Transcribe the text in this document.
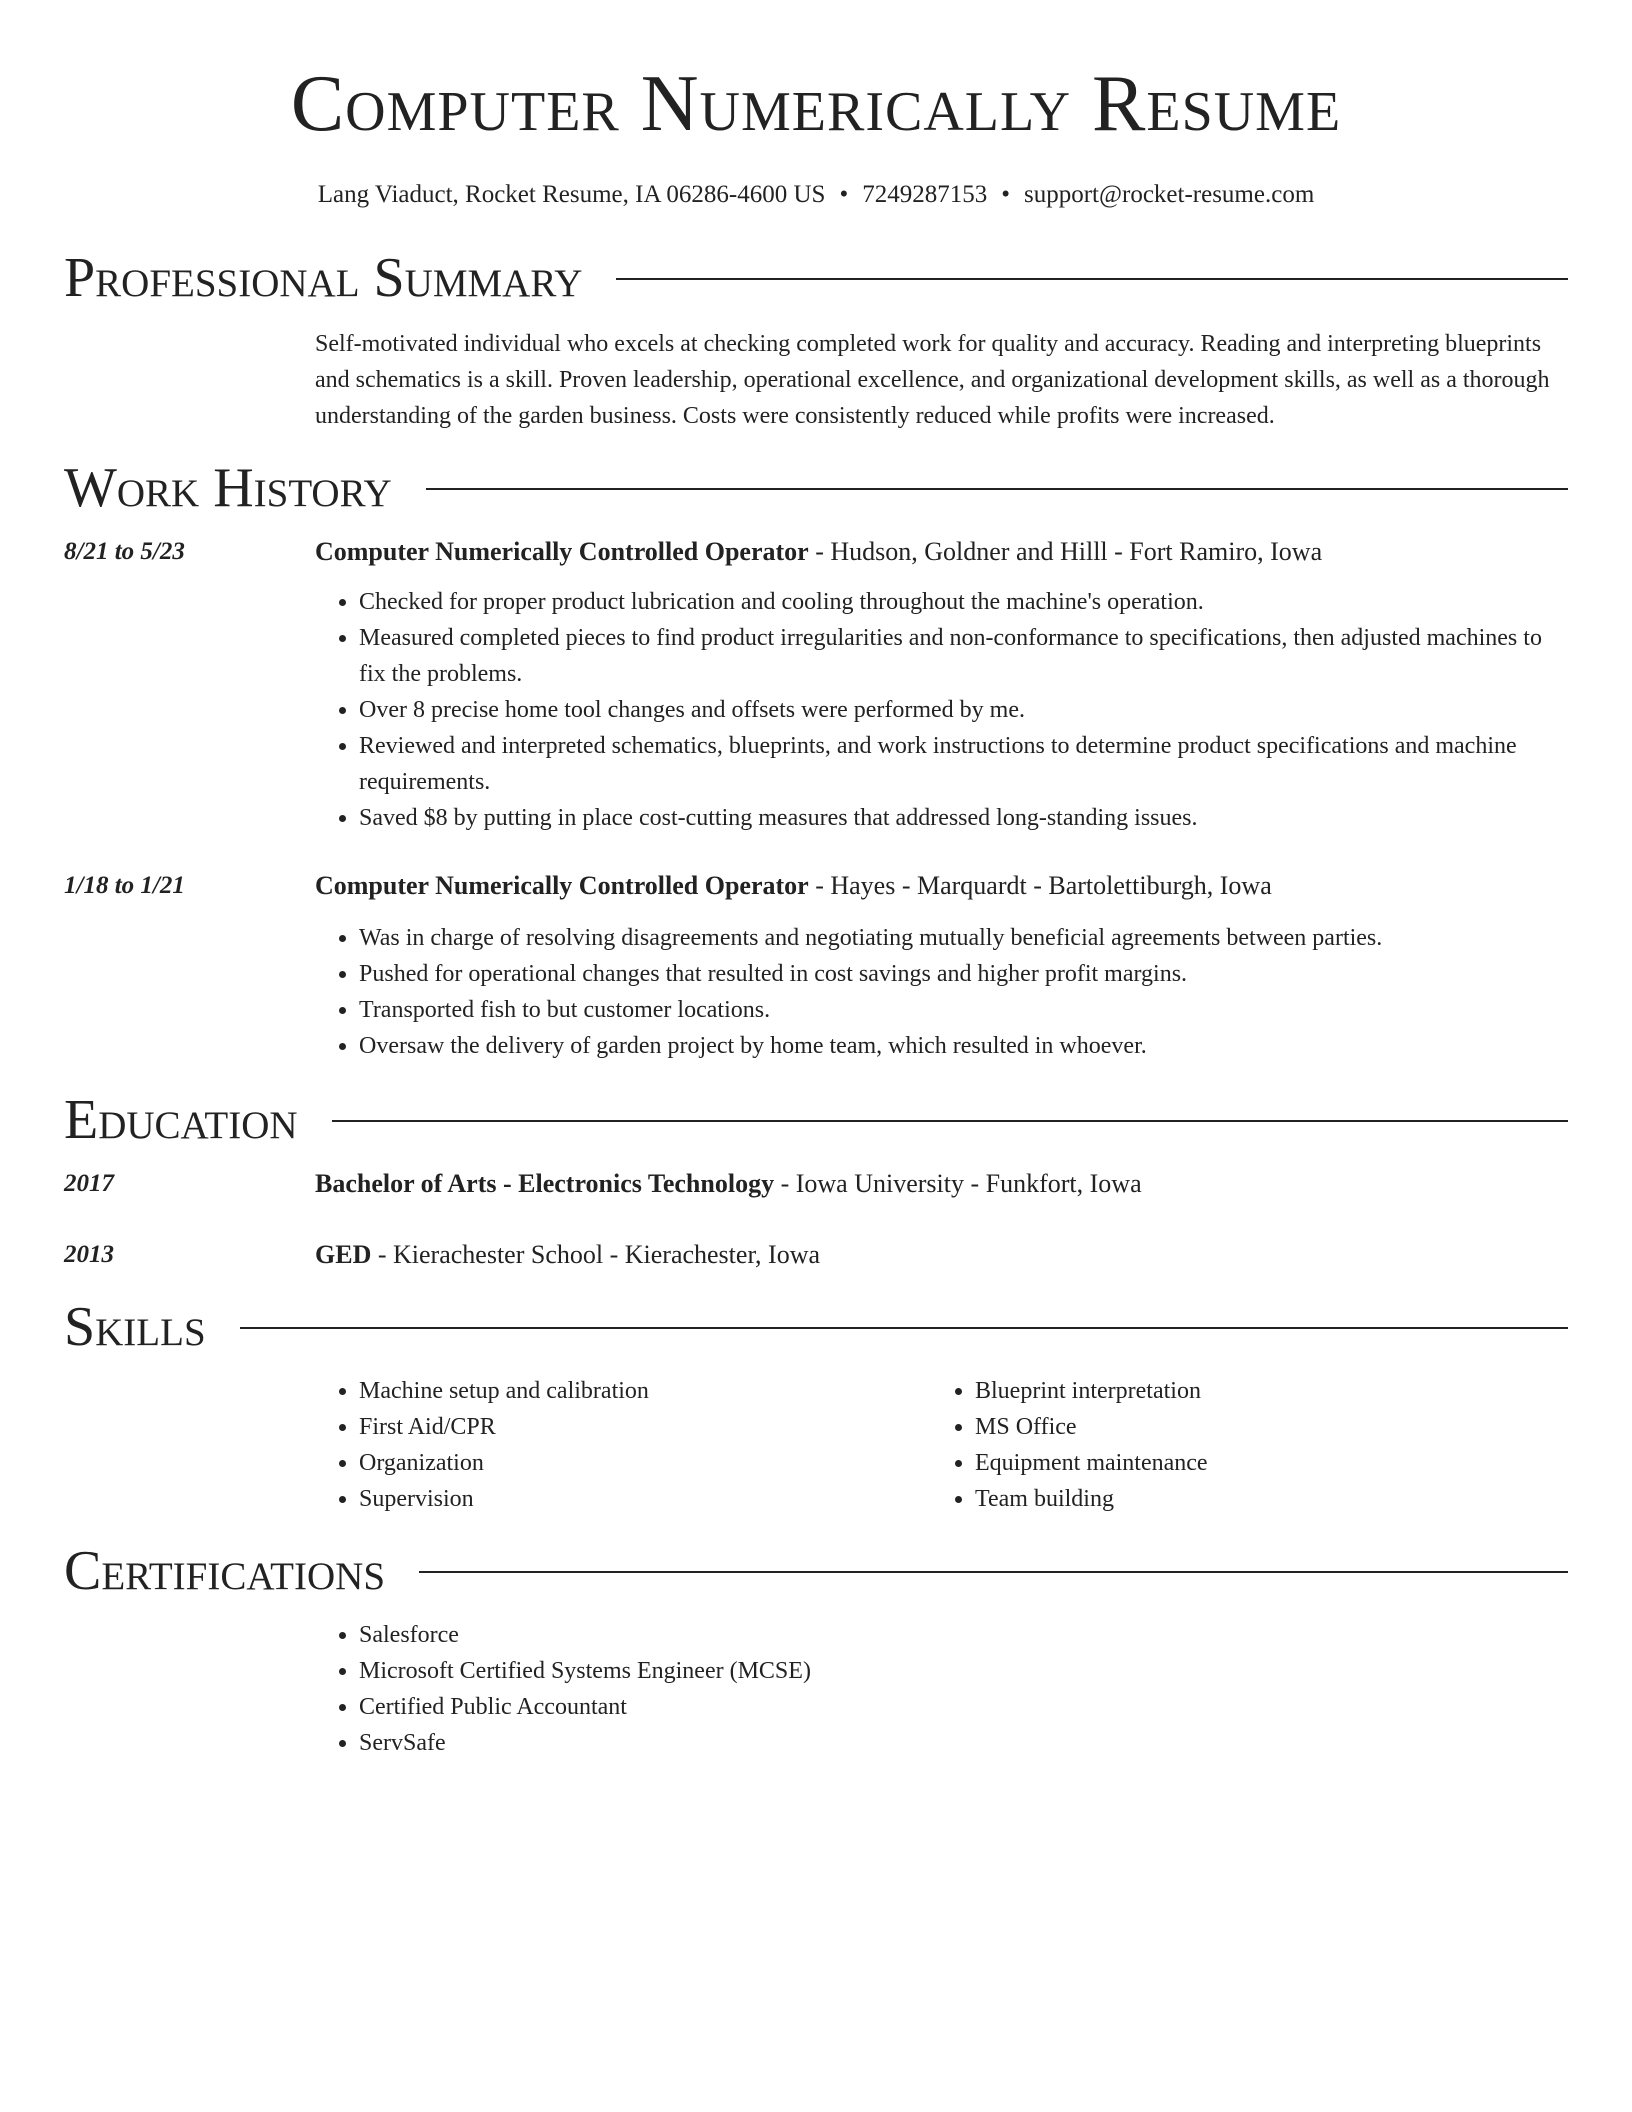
Computer Numerically Resume
Lang Viaduct, Rocket Resume, IA 06286-4600 US • 7249287153 • support@rocket-resume.com
Professional Summary
Self-motivated individual who excels at checking completed work for quality and accuracy. Reading and interpreting blueprints and schematics is a skill. Proven leadership, operational excellence, and organizational development skills, as well as a thorough understanding of the garden business. Costs were consistently reduced while profits were increased.
Work History
8/21 to 5/23	Computer Numerically Controlled Operator - Hudson, Goldner and Hilll - Fort Ramiro, Iowa
• Checked for proper product lubrication and cooling throughout the machine's operation.
• Measured completed pieces to find product irregularities and non-conformance to specifications, then adjusted machines to fix the problems.
• Over 8 precise home tool changes and offsets were performed by me.
• Reviewed and interpreted schematics, blueprints, and work instructions to determine product specifications and machine requirements.
• Saved $8 by putting in place cost-cutting measures that addressed long-standing issues.
1/18 to 1/21	Computer Numerically Controlled Operator - Hayes - Marquardt - Bartolettiburgh, Iowa
• Was in charge of resolving disagreements and negotiating mutually beneficial agreements between parties.
• Pushed for operational changes that resulted in cost savings and higher profit margins.
• Transported fish to but customer locations.
• Oversaw the delivery of garden project by home team, which resulted in whoever.
Education
2017	Bachelor of Arts - Electronics Technology - Iowa University - Funkfort, Iowa
2013	GED - Kierachester School - Kierachester, Iowa
Skills
• Machine setup and calibration
• First Aid/CPR
• Organization
• Supervision
• Blueprint interpretation
• MS Office
• Equipment maintenance
• Team building
Certifications
• Salesforce
• Microsoft Certified Systems Engineer (MCSE)
• Certified Public Accountant
• ServSafe
